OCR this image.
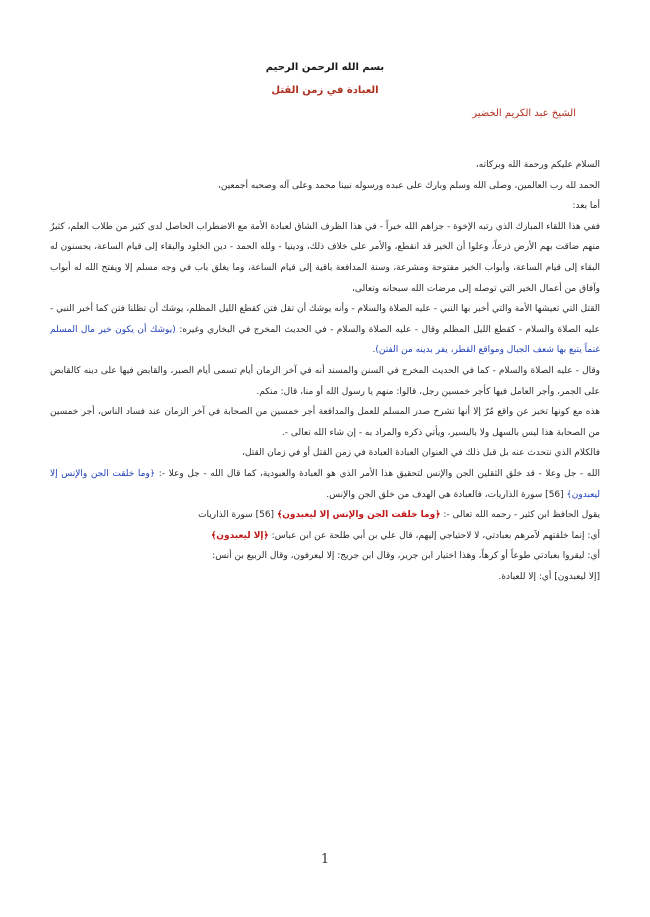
بسم الله الرحمن الرحيم
العبادة في زمن القتل
الشيخ عبد الكريم الخضير

السلام عليكم ورحمة الله وبركاته،

الحمد لله رب العالمين، وصلى الله وسلم وبارك على عبده ورسوله نبينا محمد وعلى آله وصحبه أجمعين،

أما بعد:

ففي هذا اللقاء المبارك الذي رتبه الإخوة - جزاهم الله خيراً - في هذا الظرف الشاق لعبادة الأمة مع الاضطراب الحاصل لدى كثير من طلاب العلم، كثيرٌ منهم ضاقت بهم الأرض ذرعاً، وعلوا أن الخير قد انقطع، والأمر على خلاف ذلك، ودينيا - ولله الحمد - دين الخلود والبقاء إلى قيام الساعة، يحسنون له البقاء إلى قيام الساعة، وأبواب الخير مفتوحة ومشرعة، وسنة المدافعة باقية إلى قيام الساعة، وما يغلق باب في وجه مسلم إلا ويفتح الله له أبواب وآفاق من أعمال الخير التي توصله إلى مرضات الله سبحانه وتعالى،

القتل التي تعيشها الأمة والتي أخبر بها النبي - عليه الصلاة والسلام - وأنه يوشك أن تقل فتن كقطع الليل المظلم، يوشك أن تظلنا فتن كما أخبر النبي - عليه الصلاة والسلام - كقطع الليل المظلم وقال - عليه الصلاة والسلام - في الحديث المخرج في البخاري وغيره: (يوشك أن يكون خير مال المسلم غنماً يتبع بها شعف الجبال ومواقع القطر، يفر بدينه من الفتن).

وقال - عليه الصلاة والسلام - كما في الحديث المخرج في السنن والمسند أنه في آخر الزمان أيام تسمى أيام الصبر، والقابض فيها على دينه كالقابض على الجمر، وأجر العامل فيها كأجر خمسين رجل، قالوا: منهم يا رسول الله أو منا، قال: منكم.

هذه مع كونها تخبر عن واقع مُرّ إلا أنها تشرح صدر المسلم للعمل والمدافعة أجر خمسين من الصحابة في آخر الزمان عند فساد الناس، أجر خمسين من الصحابة هذا ليس بالسهل ولا باليسير، ويأتي ذكره والمراد به - إن شاء الله تعالى -.

فالكلام الذي نتحدث عنه بل قبل ذلك في العنوان العبادة العبادة في زمن القتل أو في زمان القتل،

الله - جل وعلا - قد خلق الثقلين الجن والإنس لتحقيق هذا الأمر الذي هو العبادة والعبودية، كما قال الله - جل وعلا -: ﴿وما خلقت الجن والإنس إلا ليعبدون﴾ [56] سورة الذاريات، فالعبادة هي الهدف من خلق الجن والإنس.

يقول الحافظ ابن كثير - رحمه الله تعالى -: ﴿وما خلقت الجن والإنس إلا ليعبدون﴾ [56] سورة الذاريات

أي: إنما خلقتهم لآمرهم بعبادتي، لا لاحتياجي إليهم، قال علي بن أبي طلحة عن ابن عباس: ﴿إلا ليعبدون﴾

أي: ليقروا بعبادتي طوعاً أو كرهاً، وهذا اختيار ابن جرير، وقال ابن جريج: إلا ليعرفون، وقال الربيع بن أنس:

[إلا ليعبدون] أي: إلا للعبادة.

1
